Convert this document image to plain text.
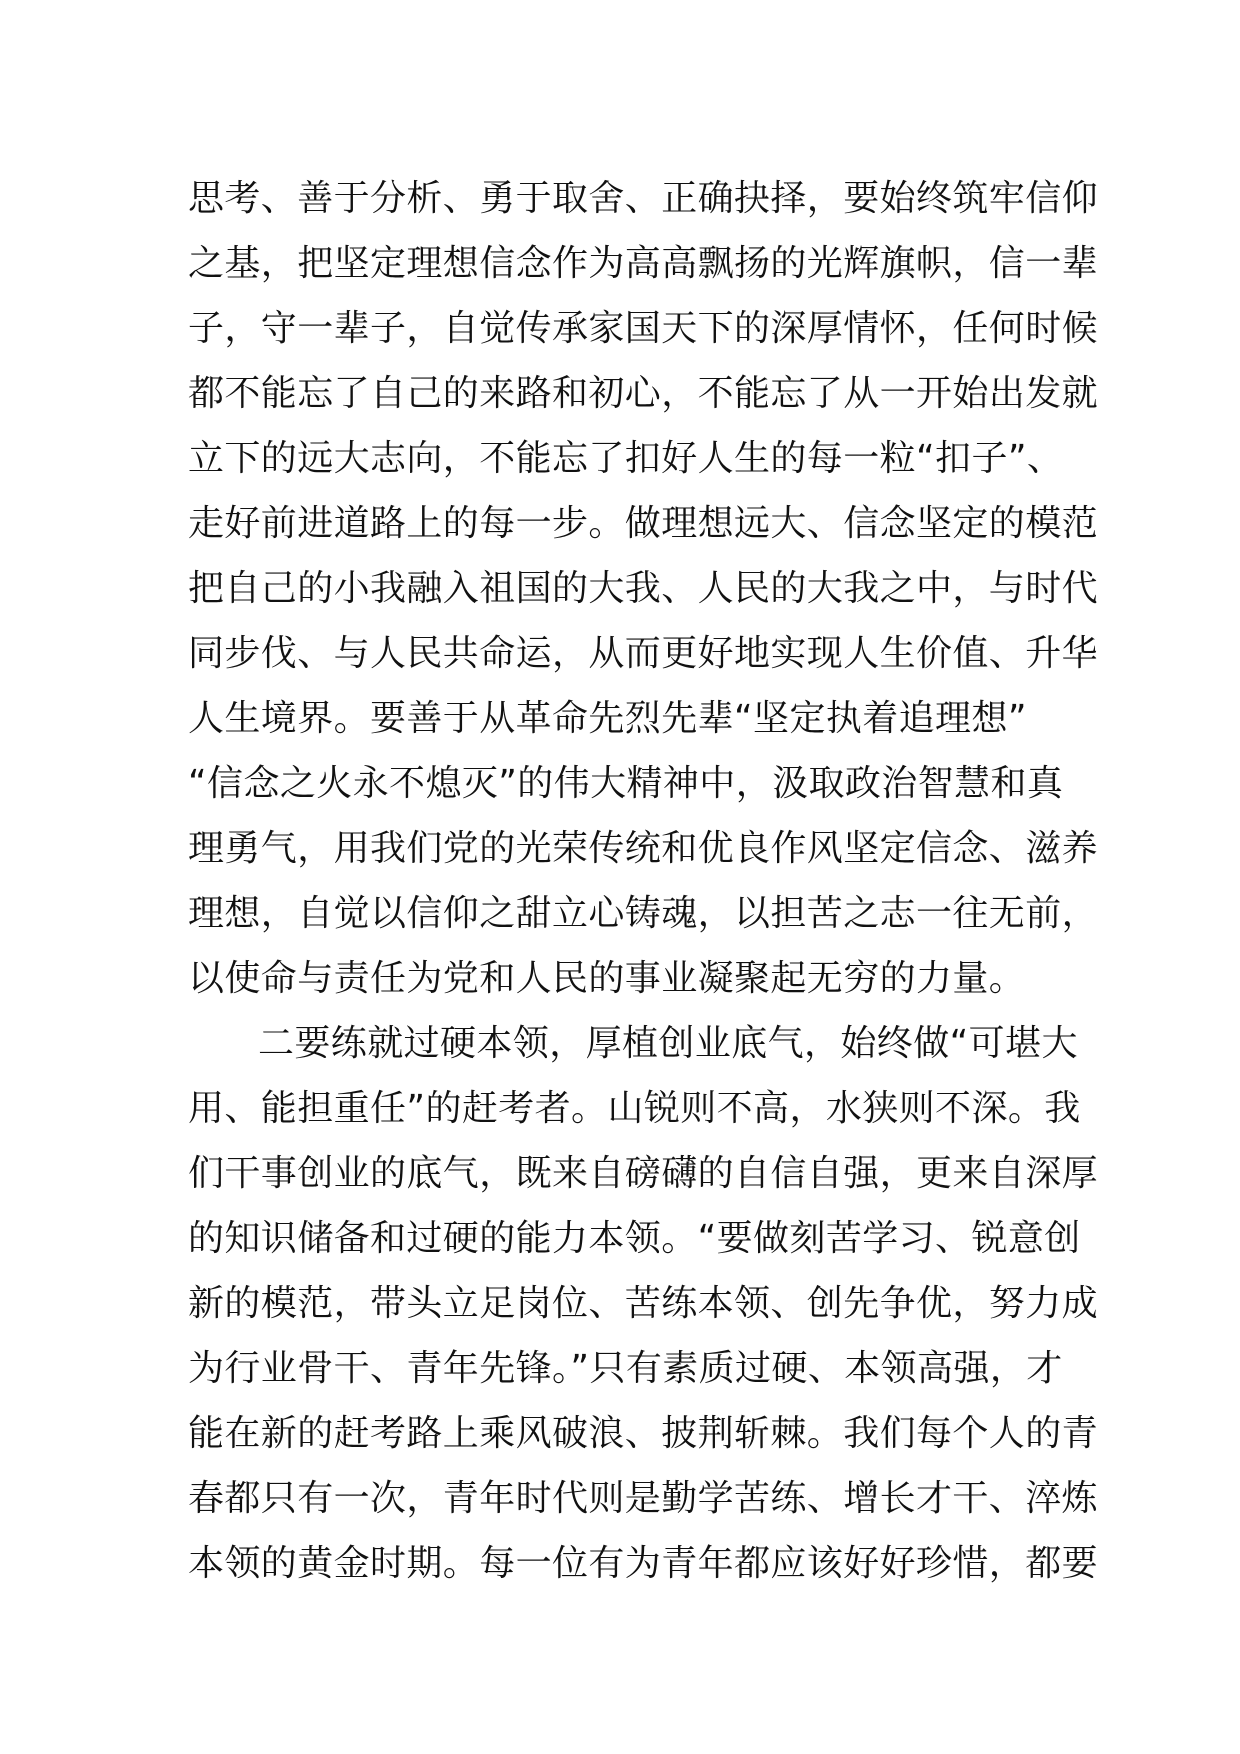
思考、善于分析、勇于取舍、正确抉择，要始终筑牢信仰
之基，把坚定理想信念作为高高飘扬的光辉旗帜，信一辈
子，守一辈子，自觉传承家国天下的深厚情怀，任何时候
都不能忘了自己的来路和初心，不能忘了从一开始出发就
立下的远大志向，不能忘了扣好人生的每一粒“扣子”、
走好前进道路上的每一步。做理想远大、信念坚定的模范
把自己的小我融入祖国的大我、人民的大我之中，与时代
同步伐、与人民共命运，从而更好地实现人生价值、升华
人生境界。要善于从革命先烈先辈“坚定执着追理想”
“信念之火永不熄灭”的伟大精神中，汲取政治智慧和真
理勇气，用我们党的光荣传统和优良作风坚定信念、滋养
理想，自觉以信仰之甜立心铸魂，以担苦之志一往无前，
以使命与责任为党和人民的事业凝聚起无穷的力量。
二要练就过硬本领，厚植创业底气，始终做“可堪大
用、能担重任”的赶考者。山锐则不高，水狭则不深。我
们干事创业的底气，既来自磅礴的自信自强，更来自深厚
的知识储备和过硬的能力本领。“要做刻苦学习、锐意创
新的模范，带头立足岗位、苦练本领、创先争优，努力成
为行业骨干、青年先锋。”只有素质过硬、本领高强，才
能在新的赶考路上乘风破浪、披荆斩棘。我们每个人的青
春都只有一次，青年时代则是勤学苦练、增长才干、淬炼
本领的黄金时期。每一位有为青年都应该好好珍惜，都要
